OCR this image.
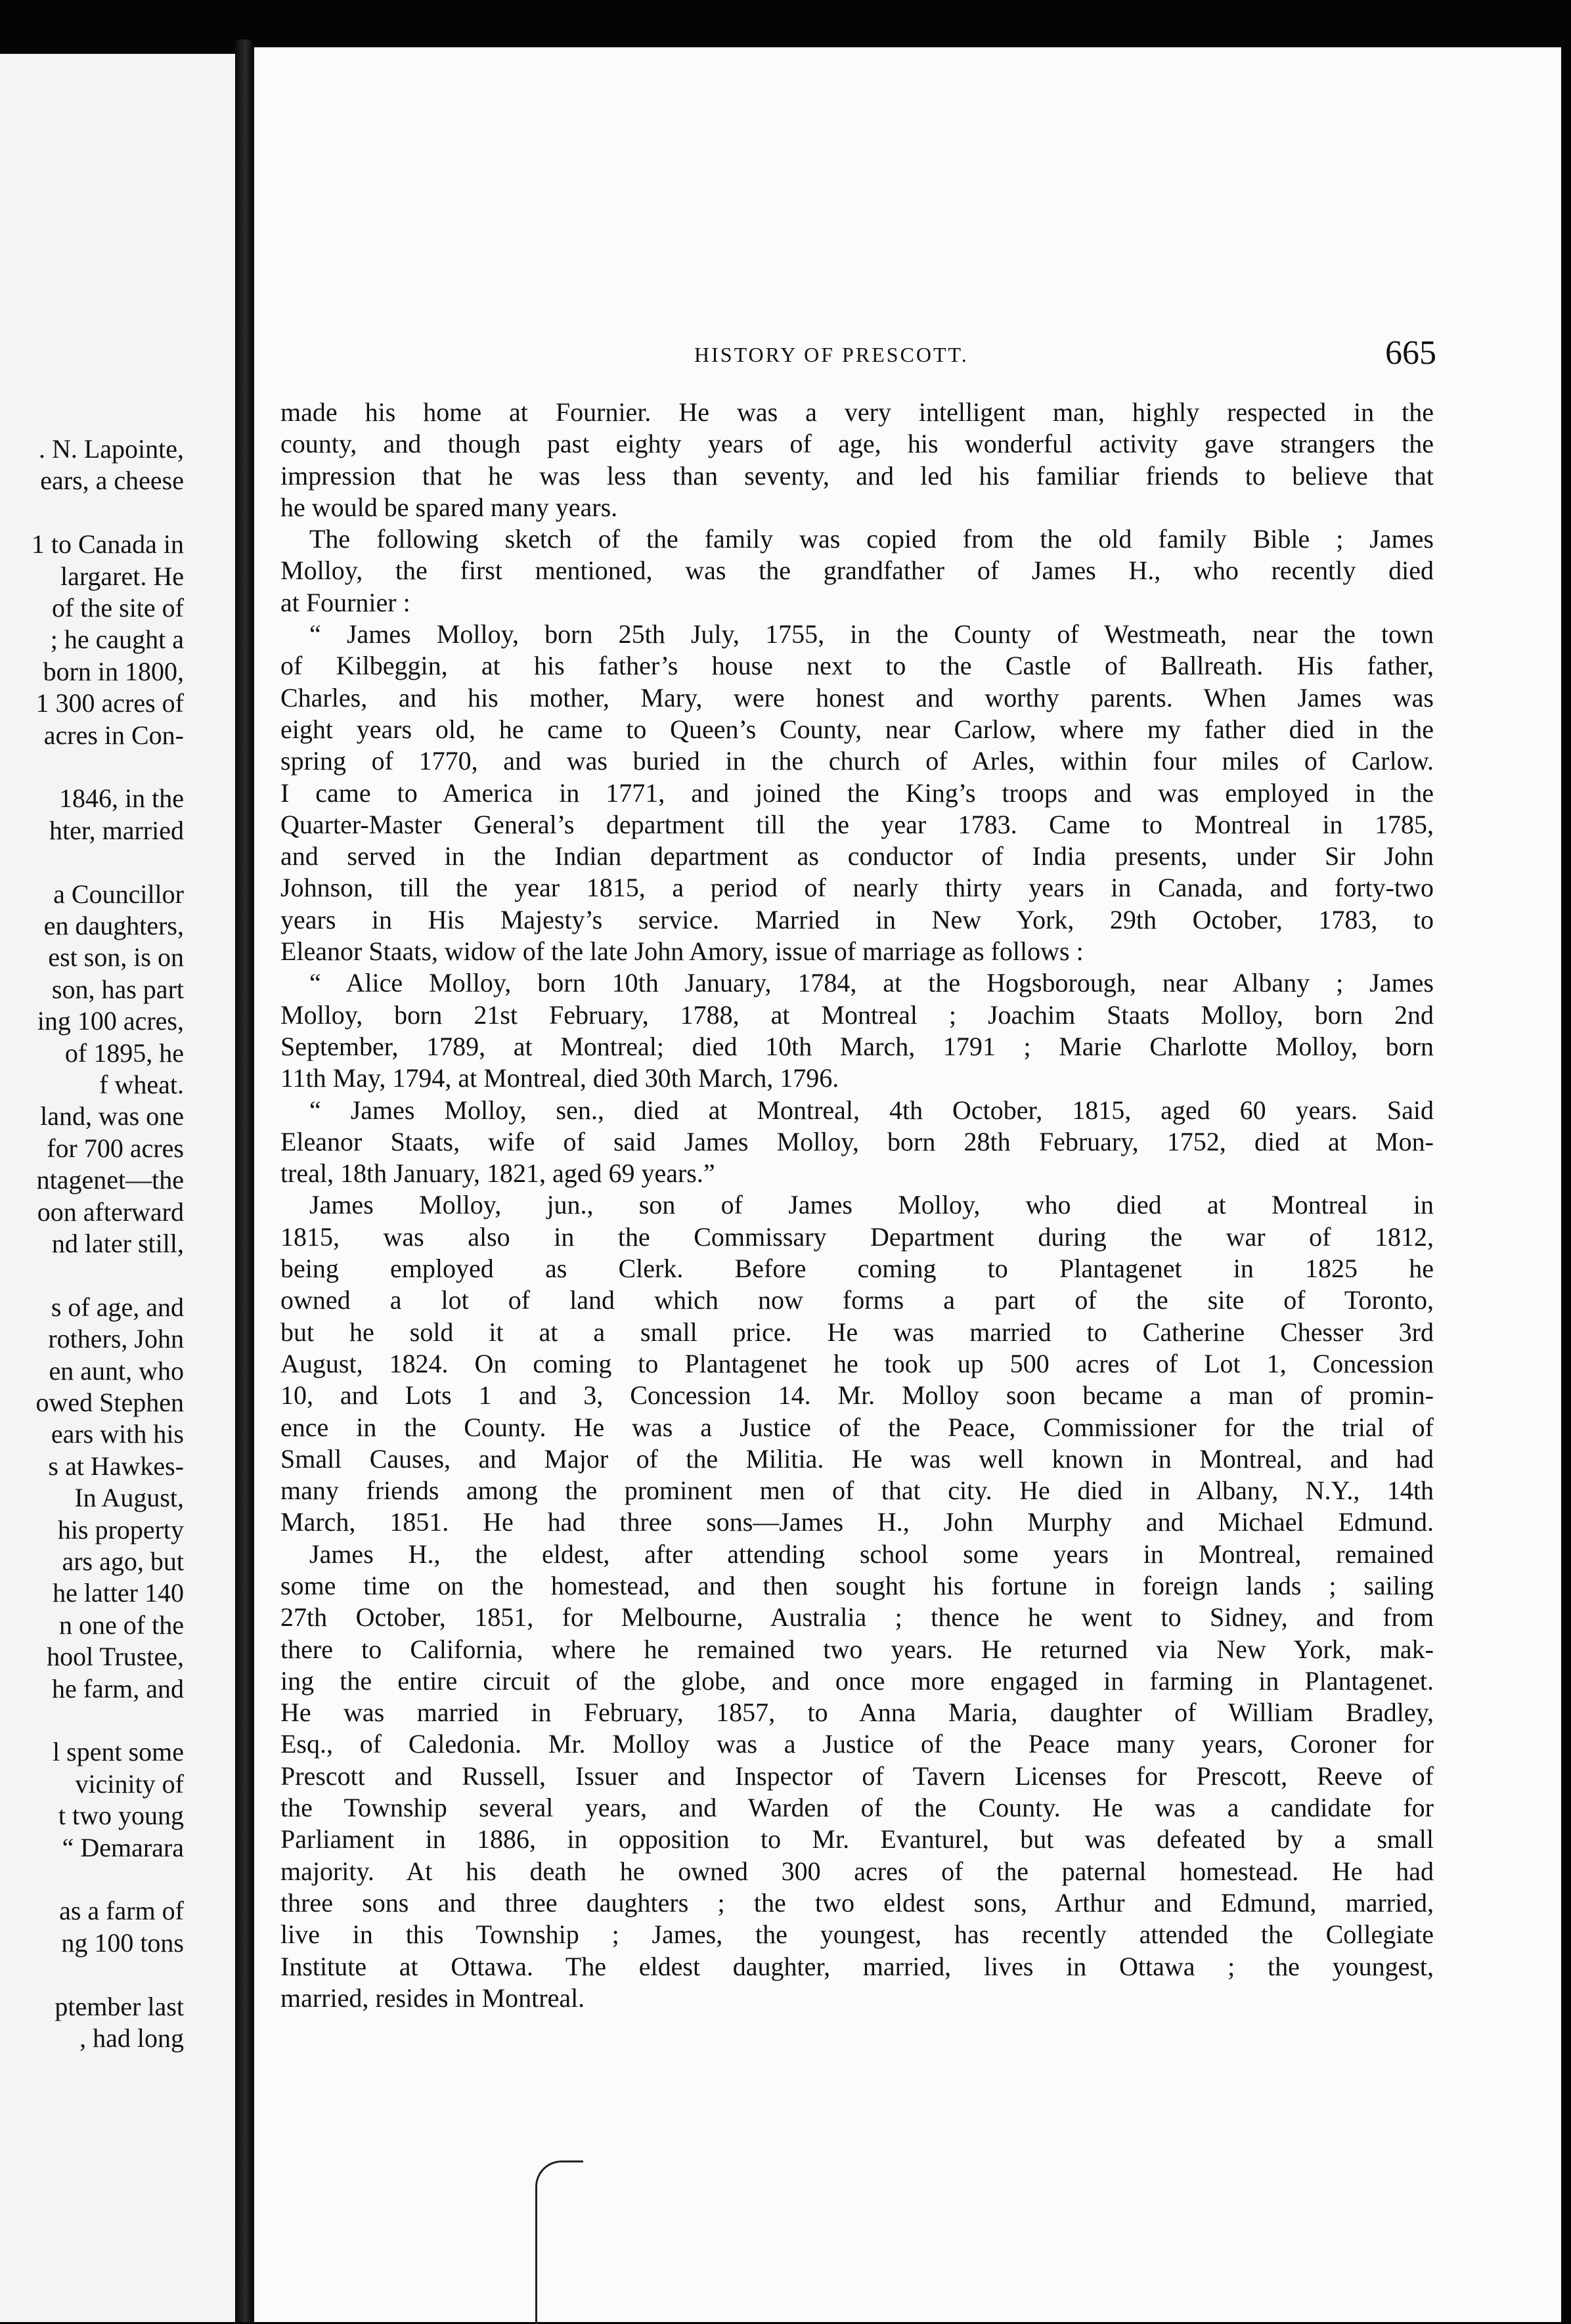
. N. Lapointe,
ears, a cheese
1 to Canada in
largaret. He
of the site of
; he caught a
born in 1800,
1 300 acres of
acres in Con-
1846, in the
hter, married
a Councillor
en daughters,
est son, is on
son, has part
ing 100 acres,
of 1895, he
f wheat.
land, was one
for 700 acres
ntagenet—the
oon afterward
nd later still,
s of age, and
rothers, John
en aunt, who
owed Stephen
ears with his
s at Hawkes-
In August,
his property
ars ago, but
he latter 140
n one of the
hool Trustee,
he farm, and
l spent some
vicinity of
t two young
“ Demarara
as a farm of
ng 100 tons
ptember last
, had long
HISTORY OF PRESCOTT.	665
made his home at Fournier. He was a very intelligent man, highly respected in the
county, and though past eighty years of age, his wonderful activity gave strangers the
impression that he was less than seventy, and led his familiar friends to believe that
he would be spared many years.
The following sketch of the family was copied from the old family Bible ; James
Molloy, the first mentioned, was the grandfather of James H., who recently died
at Fournier :
“ James Molloy, born 25th July, 1755, in the County of Westmeath, near the town
of Kilbeggin, at his father’s house next to the Castle of Ballreath. His father,
Charles, and his mother, Mary, were honest and worthy parents. When James was
eight years old, he came to Queen’s County, near Carlow, where my father died in the
spring of 1770, and was buried in the church of Arles, within four miles of Carlow.
I came to America in 1771, and joined the King’s troops and was employed in the
Quarter-Master General’s department till the year 1783. Came to Montreal in 1785,
and served in the Indian department as conductor of India presents, under Sir John
Johnson, till the year 1815, a period of nearly thirty years in Canada, and forty-two
years in His Majesty’s service. Married in New York, 29th October, 1783, to
Eleanor Staats, widow of the late John Amory, issue of marriage as follows :
“ Alice Molloy, born 10th January, 1784, at the Hogsborough, near Albany ; James
Molloy, born 21st February, 1788, at Montreal ; Joachim Staats Molloy, born 2nd
September, 1789, at Montreal; died 10th March, 1791 ; Marie Charlotte Molloy, born
11th May, 1794, at Montreal, died 30th March, 1796.
“ James Molloy, sen., died at Montreal, 4th October, 1815, aged 60 years. Said
Eleanor Staats, wife of said James Molloy, born 28th February, 1752, died at Mon-
treal, 18th January, 1821, aged 69 years.”
James Molloy, jun., son of James Molloy, who died at Montreal in
1815, was also in the Commissary Department during the war of 1812,
being employed as Clerk. Before coming to Plantagenet in 1825 he
owned a lot of land which now forms a part of the site of Toronto,
but he sold it at a small price. He was married to Catherine Chesser 3rd
August, 1824. On coming to Plantagenet he took up 500 acres of Lot 1, Concession
10, and Lots 1 and 3, Concession 14. Mr. Molloy soon became a man of promin-
ence in the County. He was a Justice of the Peace, Commissioner for the trial of
Small Causes, and Major of the Militia. He was well known in Montreal, and had
many friends among the prominent men of that city. He died in Albany, N.Y., 14th
March, 1851. He had three sons—James H., John Murphy and Michael Edmund.
James H., the eldest, after attending school some years in Montreal, remained
some time on the homestead, and then sought his fortune in foreign lands ; sailing
27th October, 1851, for Melbourne, Australia ; thence he went to Sidney, and from
there to California, where he remained two years. He returned via New York, mak-
ing the entire circuit of the globe, and once more engaged in farming in Plantagenet.
He was married in February, 1857, to Anna Maria, daughter of William Bradley,
Esq., of Caledonia. Mr. Molloy was a Justice of the Peace many years, Coroner for
Prescott and Russell, Issuer and Inspector of Tavern Licenses for Prescott, Reeve of
the Township several years, and Warden of the County. He was a candidate for
Parliament in 1886, in opposition to Mr. Evanturel, but was defeated by a small
majority. At his death he owned 300 acres of the paternal homestead. He had
three sons and three daughters ; the two eldest sons, Arthur and Edmund, married,
live in this Township ; James, the youngest, has recently attended the Collegiate
Institute at Ottawa. The eldest daughter, married, lives in Ottawa ; the youngest,
married, resides in Montreal.
